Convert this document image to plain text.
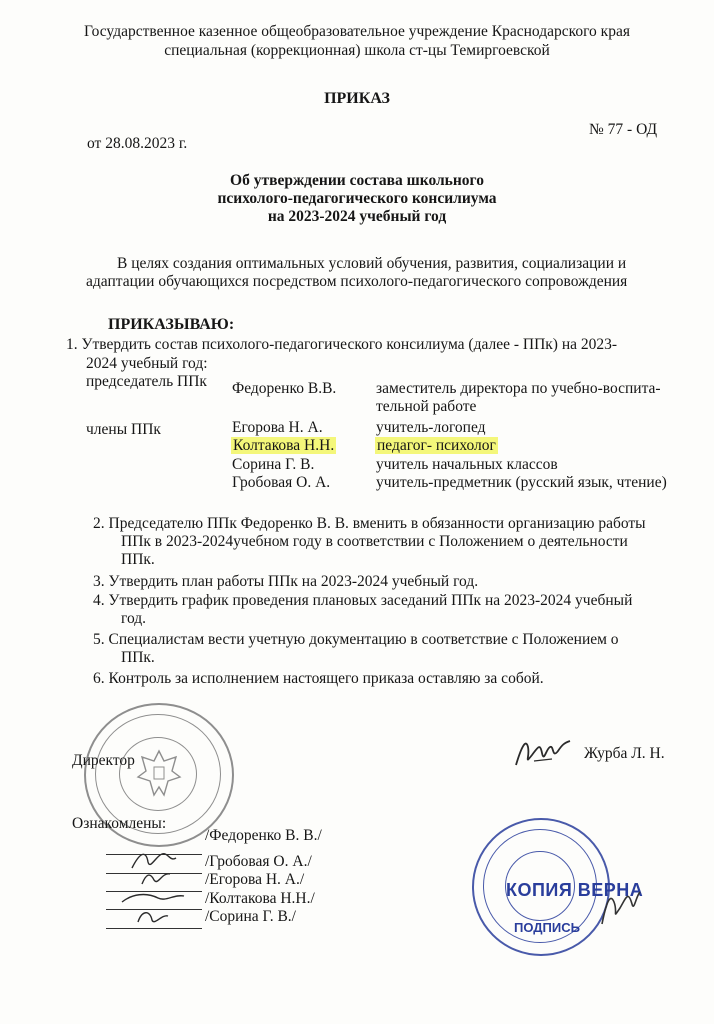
Государственное казенное общеобразовательное учреждение Краснодарского края
специальная (коррекционная) школа ст-цы Темиргоевской
ПРИКАЗ
от 28.08.2023 г.
№ 77 - ОД
Об утверждении состава школьного
психолого-педагогического консилиума
на 2023-2024 учебный год
В целях создания оптимальных условий обучения, развития, социализации и
адаптации обучающихся посредством психолого-педагогического сопровождения
ПРИКАЗЫВАЮ:
1. Утвердить состав психолого-педагогического консилиума (далее - ППк) на 2023-
2024 учебный год:
председатель ППк Федоренко В.В.	заместитель директора по учебно-воспита-
тельной работе
члены ППк	Егорова Н. А.	учитель-логопед
Колтакова Н.Н.	педагог- психолог
Сорина Г. В.	учитель начальных классов
Гробовая О. А.	учитель-предметник (русский язык, чтение)
2. Председателю ППк Федоренко В. В. вменить в обязанности организацию работы
ППк в 2023-2024учебном году в соответствии с Положением о деятельности
ППк.
3. Утвердить план работы ППк на 2023-2024 учебный год.
4. Утвердить график проведения плановых заседаний ППк на 2023-2024 учебный
год.
5. Специалистам вести учетную документацию в соответствие с Положением о
ППк.
6. Контроль за исполнением настоящего приказа оставляю за собой.
Директор	Журба Л. Н.
Ознакомлены:
/Федоренко В. В./
/Гробовая О. А./
/Егорова Н. А./
/Колтакова Н.Н./
/Сорина Г. В./
КОПИЯ ВЕРНА
ПОДПИСЬ
